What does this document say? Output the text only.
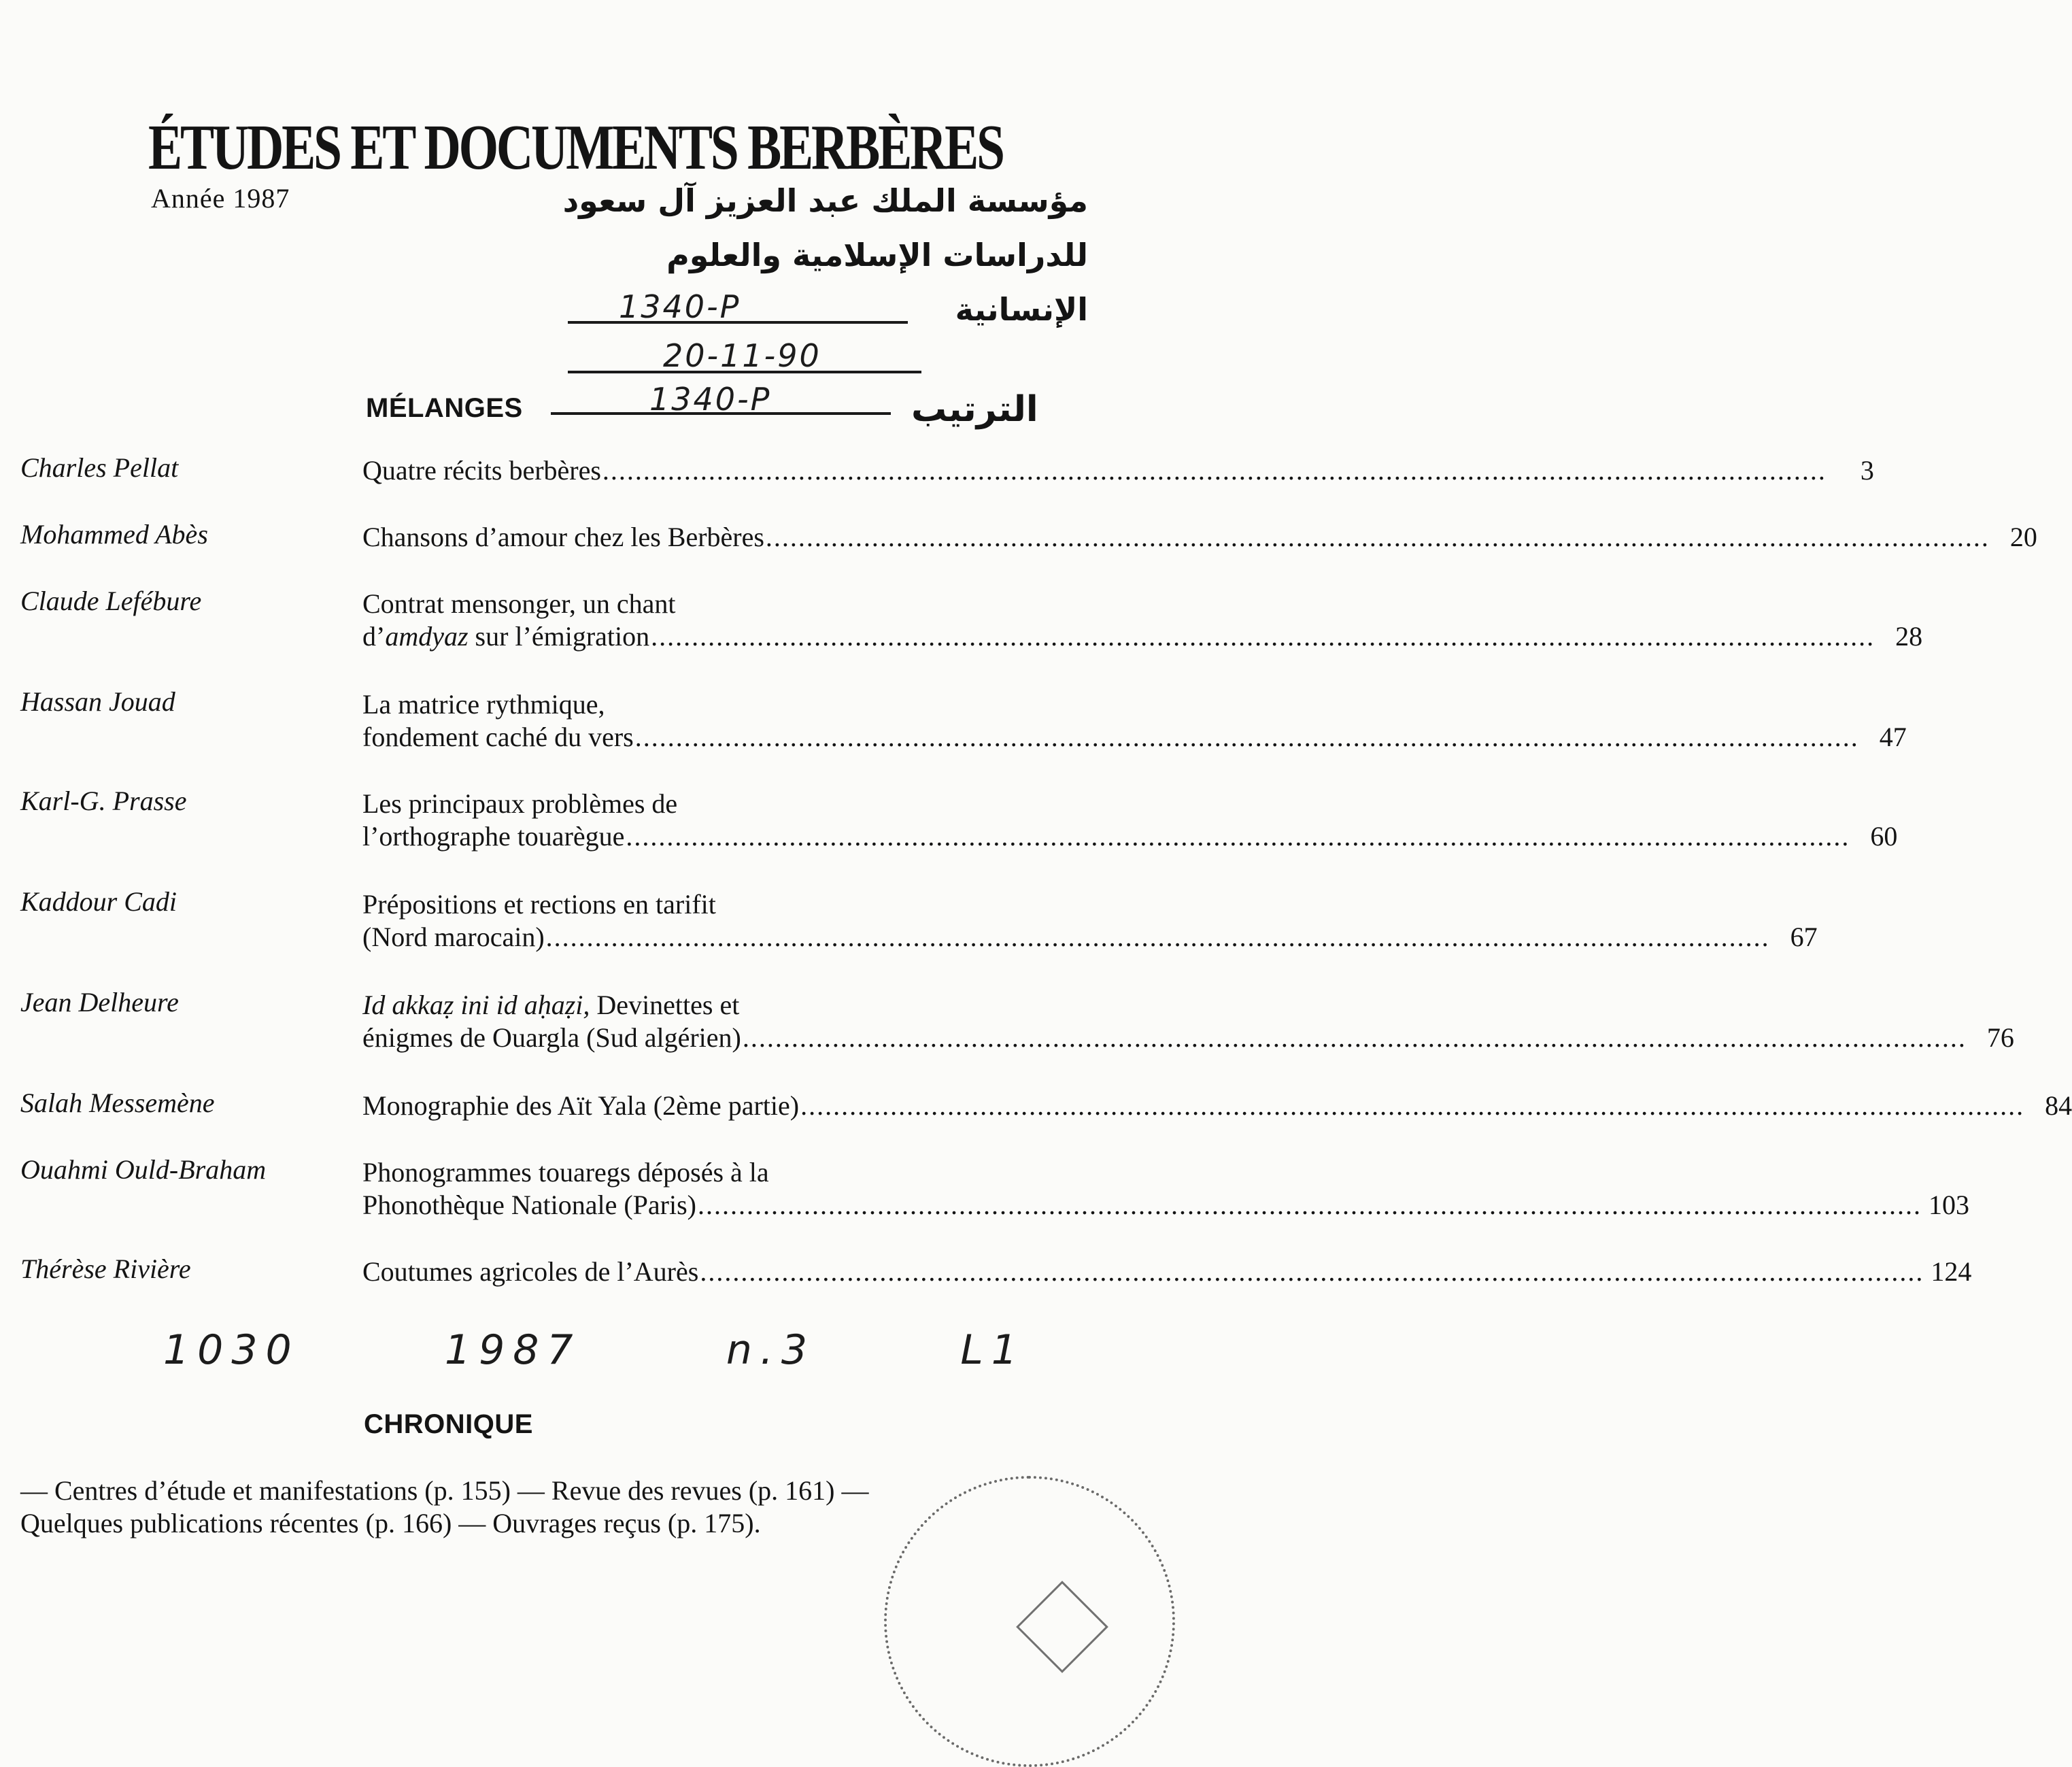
ÉTUDES ET DOCUMENTS BERBÈRES
Année 1987	مؤسسة الملك عبد العزيز آل سعود
للدراسات الإسلامية والعلوم الإنسانية
1340-P
20-11-90
MÉLANGES	1340-P	الترتيب
Charles Pellat	Quatre récits berbères ......................................................................................................................................................	3
Mohammed Abès	Chansons d’amour chez les Berbères ...................................................................................................................................................... 20
Claude Lefébure	Contrat mensonger, un chant
d’amdyaz sur l’émigration ...................................................................................................................................................... 28
Hassan Jouad	La matrice rythmique,
fondement caché du vers ...................................................................................................................................................... 47
Karl-G. Prasse	Les principaux problèmes de
l’orthographe touarègue ...................................................................................................................................................... 60
Kaddour Cadi	Prépositions et rections en tarifit
(Nord marocain) ...................................................................................................................................................... 67
Jean Delheure	Id akkaẓ ini id aḥaẓi, Devinettes et
énigmes de Ouargla (Sud algérien) ...................................................................................................................................................... 76
Salah Messemène	Monographie des Aït Yala (2ème partie) ...................................................................................................................................................... 84
Ouahmi Ould-Braham	Phonogrammes touaregs déposés à la
Phonothèque Nationale (Paris) ...................................................................................................................................................... 103
Thérèse Rivière	Coutumes agricoles de l’Aurès ...................................................................................................................................................... 124
1030   1987   n.3   L1
CHRONIQUE
— Centres d’étude et manifestations (p. 155) — Revue des revues (p. 161) —
Quelques publications récentes (p. 166) — Ouvrages reçus (p. 175).
